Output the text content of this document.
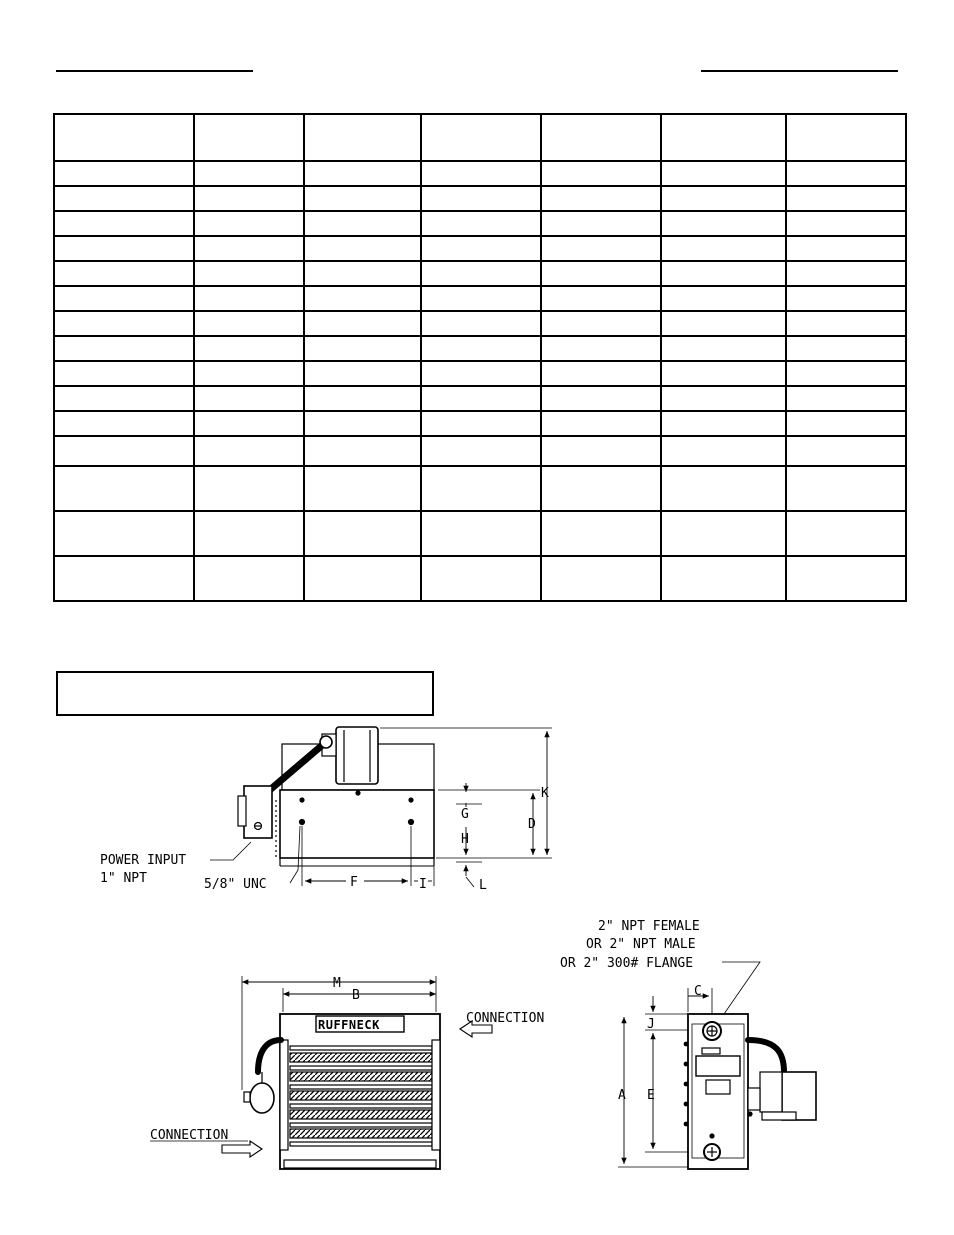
POWER INPUT
1" NPT	5/8" UNC
K
G
D
H
F	I	L
RUFFNECK	CONNECTION
CONNECTION
M
B
2" NPT FEMALE
OR 2" NPT MALE
OR 2" 300# FLANGE
C
J
A E
